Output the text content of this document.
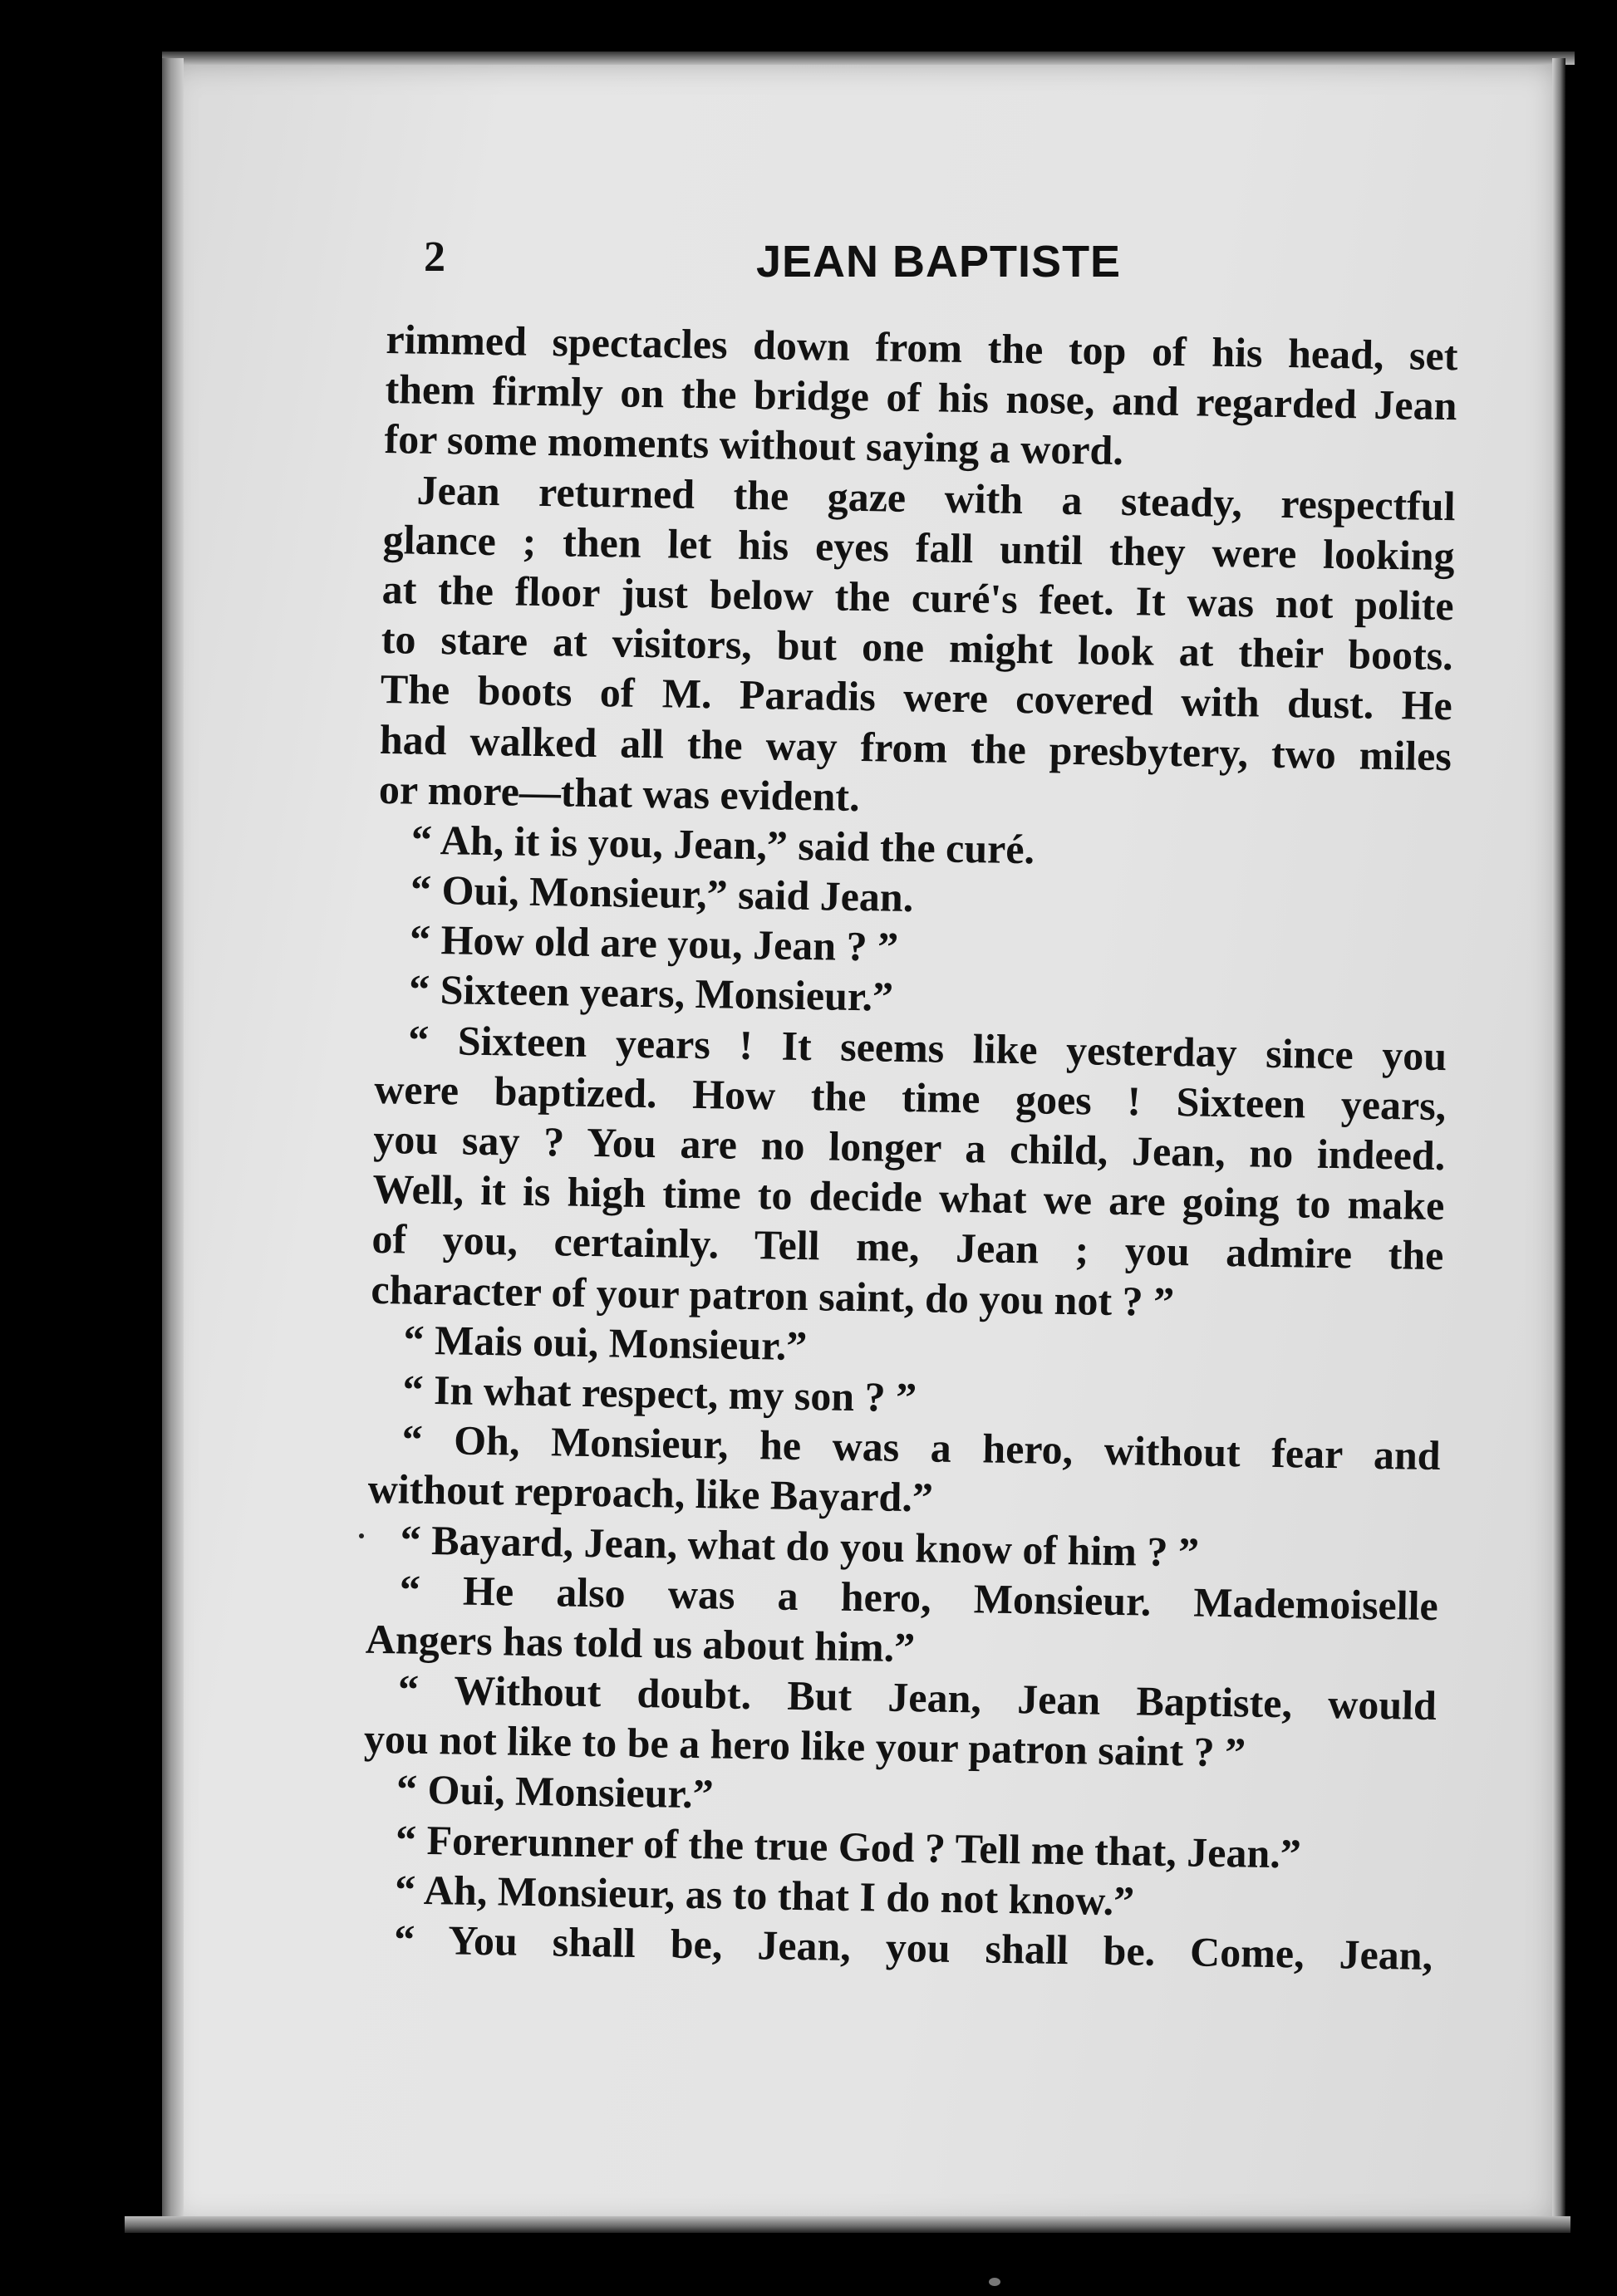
2	JEAN BAPTISTE
rimmed spectacles down from the top of his head, set
them firmly on the bridge of his nose, and regarded Jean
for some moments without saying a word.
Jean returned the gaze with a steady, respectful
glance ; then let his eyes fall until they were looking
at the floor just below the curé's feet. It was not polite
to stare at visitors, but one might look at their boots.
The boots of M. Paradis were covered with dust. He
had walked all the way from the presbytery, two miles
or more—that was evident.
“ Ah, it is you, Jean,” said the curé.
“ Oui, Monsieur,” said Jean.
“ How old are you, Jean ? ”
“ Sixteen years, Monsieur.”
“ Sixteen years ! It seems like yesterday since you
were baptized. How the time goes ! Sixteen years,
you say ? You are no longer a child, Jean, no indeed.
Well, it is high time to decide what we are going to make
of you, certainly. Tell me, Jean ; you admire the
character of your patron saint, do you not ? ”
“ Mais oui, Monsieur.”
“ In what respect, my son ? ”
“ Oh, Monsieur, he was a hero, without fear and
without reproach, like Bayard.”
“ Bayard, Jean, what do you know of him ? ”
“ He also was a hero, Monsieur. Mademoiselle
Angers has told us about him.”
“ Without doubt. But Jean, Jean Baptiste, would
you not like to be a hero like your patron saint ? ”
“ Oui, Monsieur.”
“ Forerunner of the true God ? Tell me that, Jean.”
“ Ah, Monsieur, as to that I do not know.”
“ You shall be, Jean, you shall be. Come, Jean,
